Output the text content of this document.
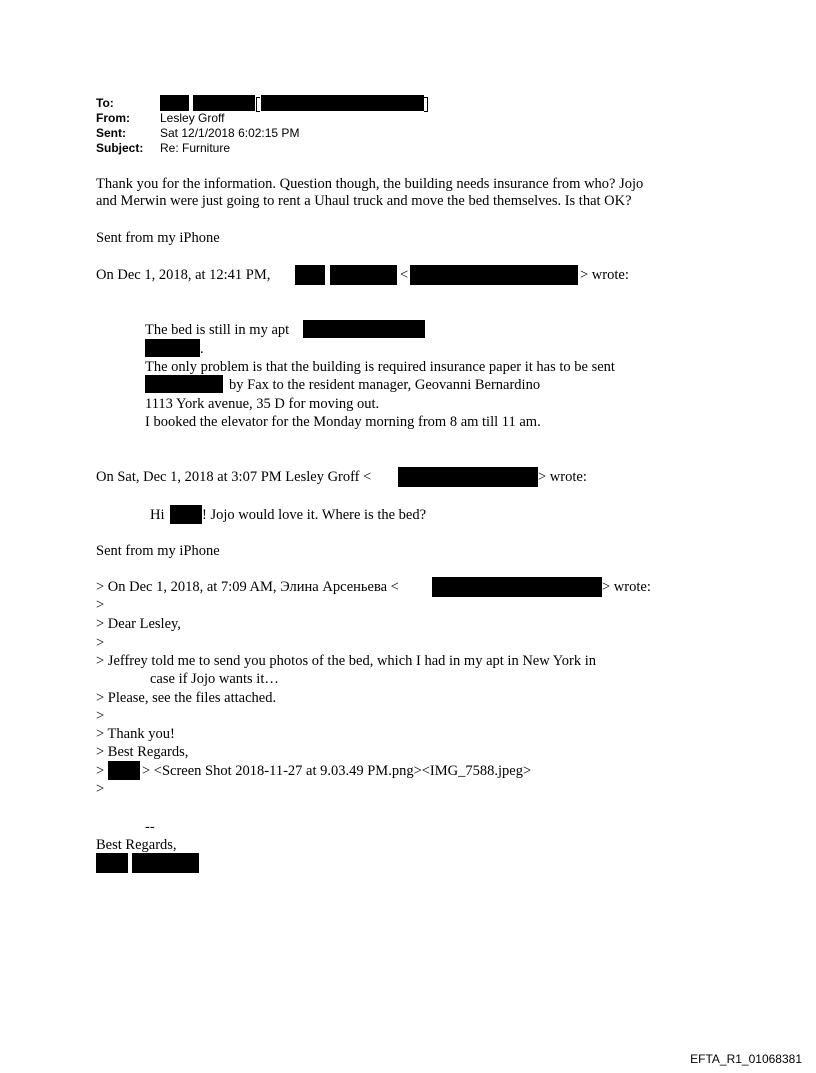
To:
From:	Lesley Groff
Sent:	Sat 12/1/2018 6:02:15 PM
Subject: Re: Furniture
Thank you for the information. Question though, the building needs insurance from who? Jojo
and Merwin were just going to rent a Uhaul truck and move the bed themselves. Is that OK?
Sent from my iPhone
On Dec 1, 2018, at 12:41 PM,	<	> wrote:
The bed is still in my apt
.
The only problem is that the building is required insurance paper it has to be sent
by Fax to the resident manager, Geovanni Bernardino
1113 York avenue, 35 D for moving out.
I booked the elevator for the Monday morning from 8 am till 11 am.
On Sat, Dec 1, 2018 at 3:07 PM Lesley Groff <	> wrote:
Hi	! Jojo would love it. Where is the bed?
Sent from my iPhone
> On Dec 1, 2018, at 7:09 AM, Элина Арсеньева <	> wrote:
>
> Dear Lesley,
>
> Jeffrey told me to send you photos of the bed, which I had in my apt in New York in
case if Jojo wants it…
> Please, see the files attached.
>
> Thank you!
> Best Regards,
>	> <Screen Shot 2018-11-27 at 9.03.49 PM.png><IMG_7588.jpeg>
>
--
Best Regards,
EFTA_R1_01068381
